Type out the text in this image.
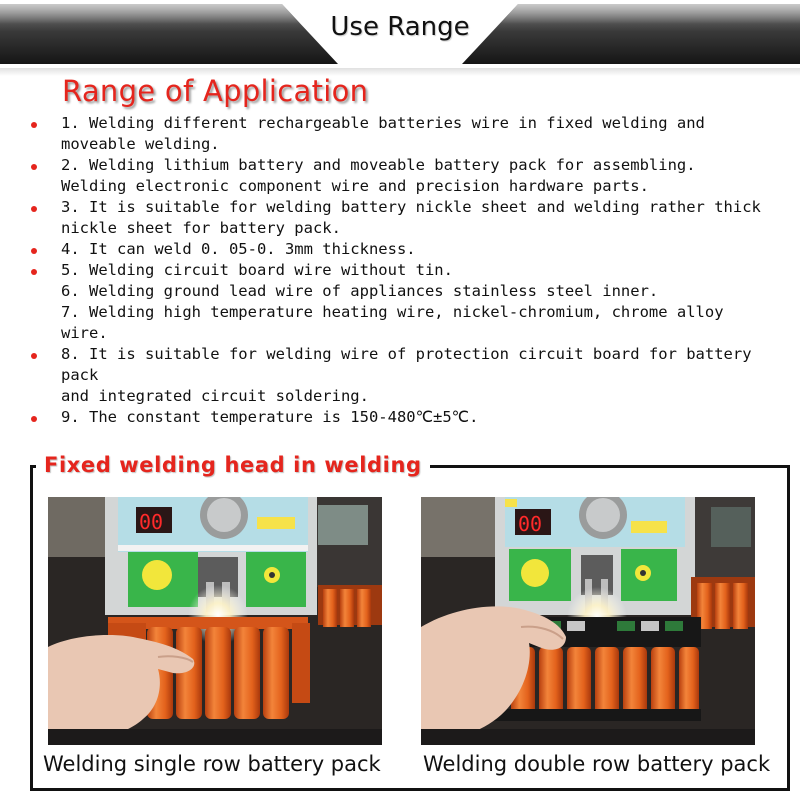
Use Range
Range of Application
1. Welding different rechargeable batteries wire in fixed welding and
moveable welding.
2. Welding lithium battery and moveable battery pack for assembling.
Welding electronic component wire and precision hardware parts.
3. It is suitable for welding battery nickle sheet and welding rather thick
nickle sheet for battery pack.
4. It can weld 0. 05-0. 3mm thickness.
5. Welding circuit board wire without tin.
6. Welding ground lead wire of appliances stainless steel inner.
7. Welding high temperature heating wire, nickel-chromium, chrome alloy
wire.
8. It is suitable for welding wire of protection circuit board for battery pack
and integrated circuit soldering.
9. The constant temperature is 150-480℃±5℃.
Fixed welding head in welding
00	00
Welding single row battery pack Welding double row battery pack
